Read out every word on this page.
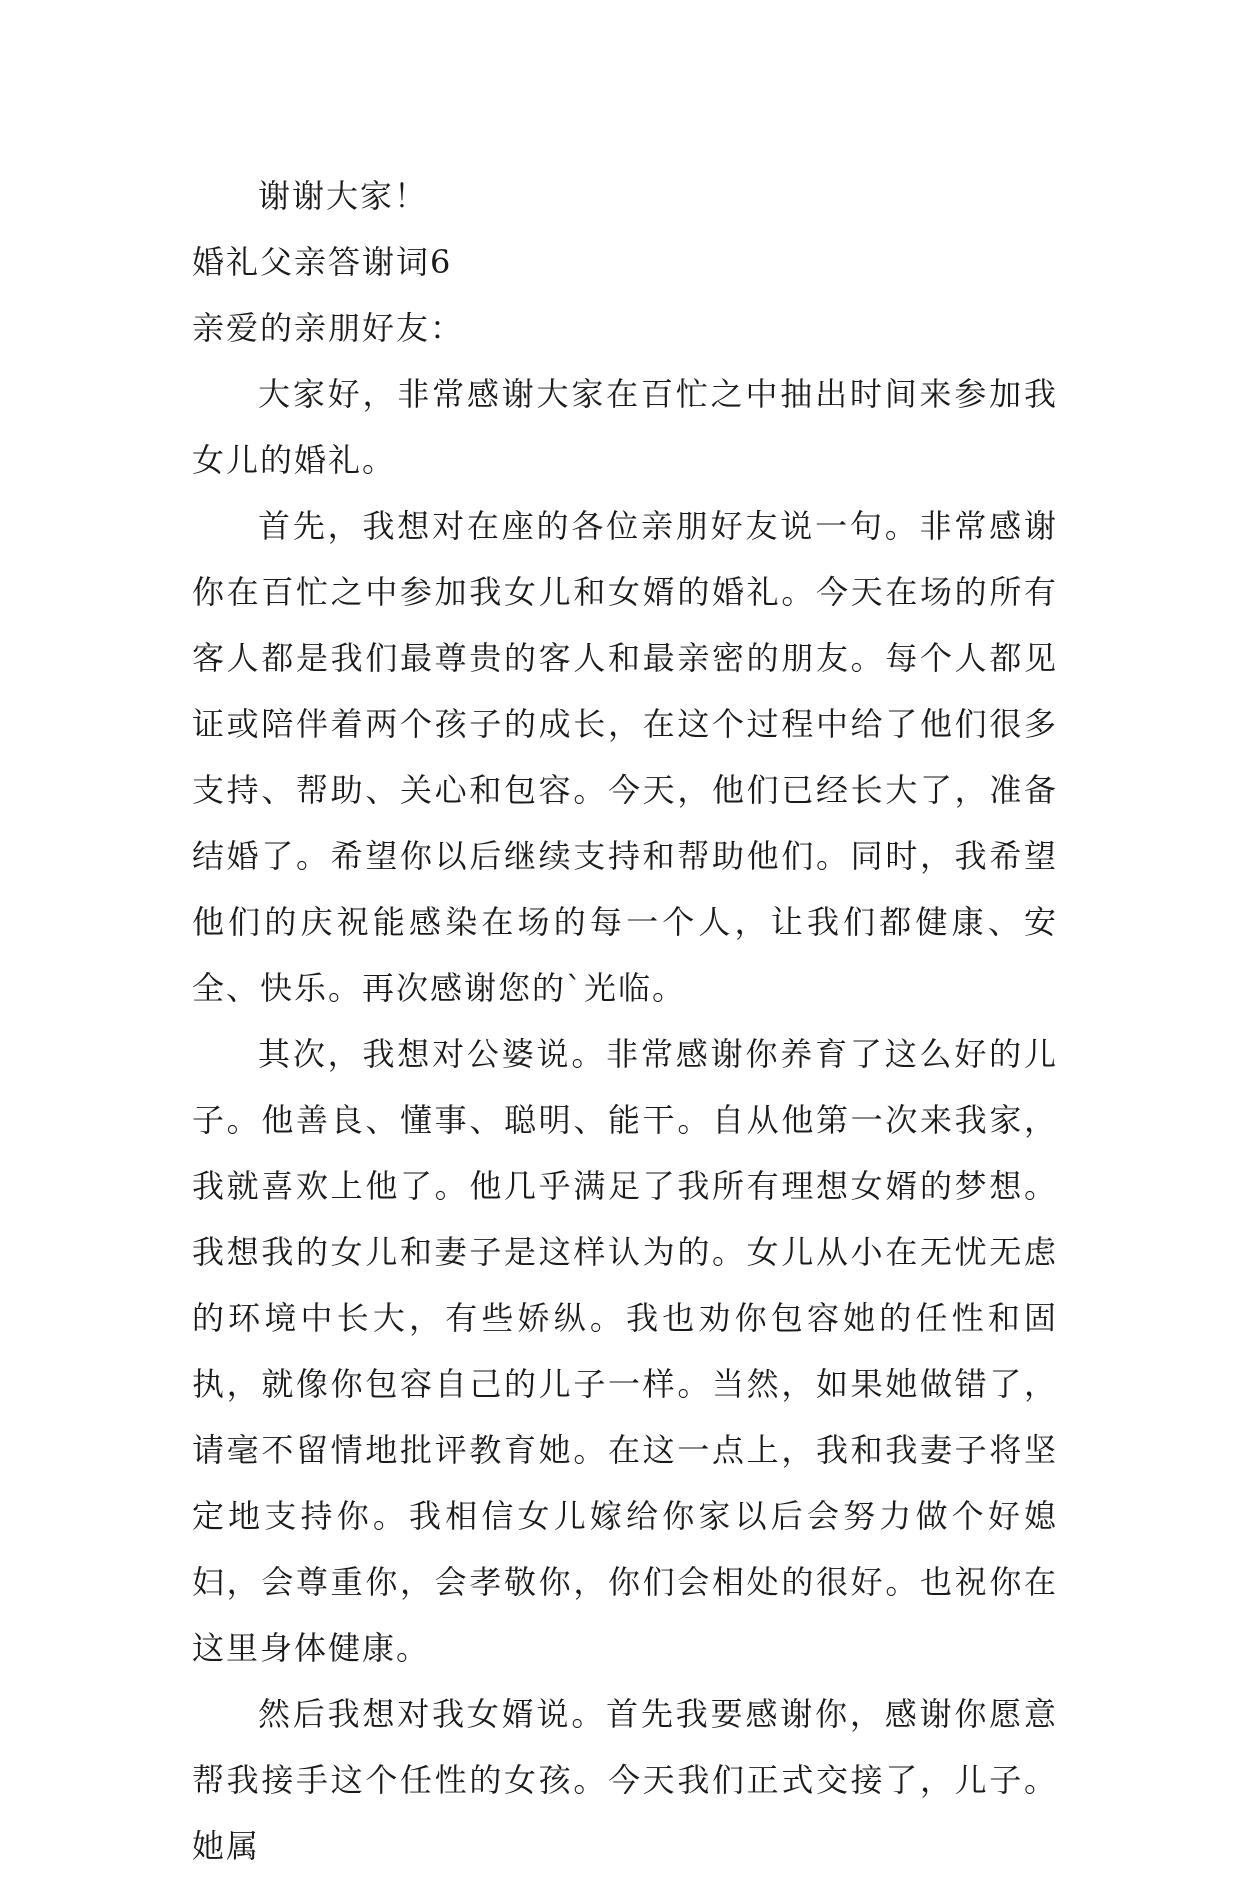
谢谢大家！

婚礼父亲答谢词6

亲爱的亲朋好友：

大家好，非常感谢大家在百忙之中抽出时间来参加我女儿的婚礼。

首先，我想对在座的各位亲朋好友说一句。非常感谢你在百忙之中参加我女儿和女婿的婚礼。今天在场的所有客人都是我们最尊贵的客人和最亲密的朋友。每个人都见证或陪伴着两个孩子的成长，在这个过程中给了他们很多支持、帮助、关心和包容。今天，他们已经长大了，准备结婚了。希望你以后继续支持和帮助他们。同时，我希望他们的庆祝能感染在场的每一个人，让我们都健康、安全、快乐。再次感谢您的`光临。

其次，我想对公婆说。非常感谢你养育了这么好的儿子。他善良、懂事、聪明、能干。自从他第一次来我家，我就喜欢上他了。他几乎满足了我所有理想女婿的梦想。我想我的女儿和妻子是这样认为的。女儿从小在无忧无虑的环境中长大，有些娇纵。我也劝你包容她的任性和固执，就像你包容自己的儿子一样。当然，如果她做错了，请毫不留情地批评教育她。在这一点上，我和我妻子将坚定地支持你。我相信女儿嫁给你家以后会努力做个好媳妇，会尊重你，会孝敬你，你们会相处的很好。也祝你在这里身体健康。

然后我想对我女婿说。首先我要感谢你，感谢你愿意帮我接手这个任性的女孩。今天我们正式交接了，儿子。她属
